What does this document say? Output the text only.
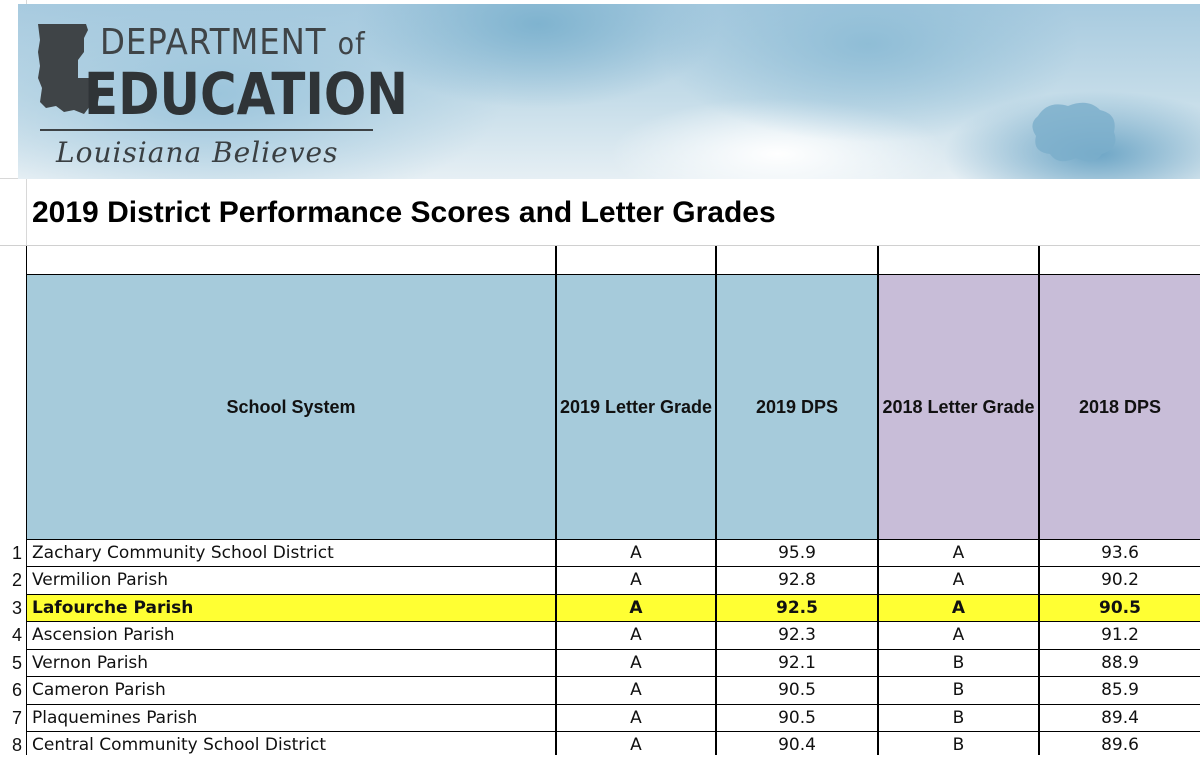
DEPARTMENT of
EDUCATION
Louisiana Believes
2019 District Performance Scores and Letter Grades
School System	2019 Letter Grade	2019 DPS	2018 Letter Grade	2018 DPS
1 Zachary Community School District	A	95.9	A	93.6
2 Vermilion Parish	A	92.8	A	90.2
3 Lafourche Parish	A	92.5	A	90.5
4 Ascension Parish	A	92.3	A	91.2
5 Vernon Parish	A	92.1	B	88.9
6 Cameron Parish	A	90.5	B	85.9
7 Plaquemines Parish	A	90.5	B	89.4
8 Central Community School District	A	90.4	B	89.6
